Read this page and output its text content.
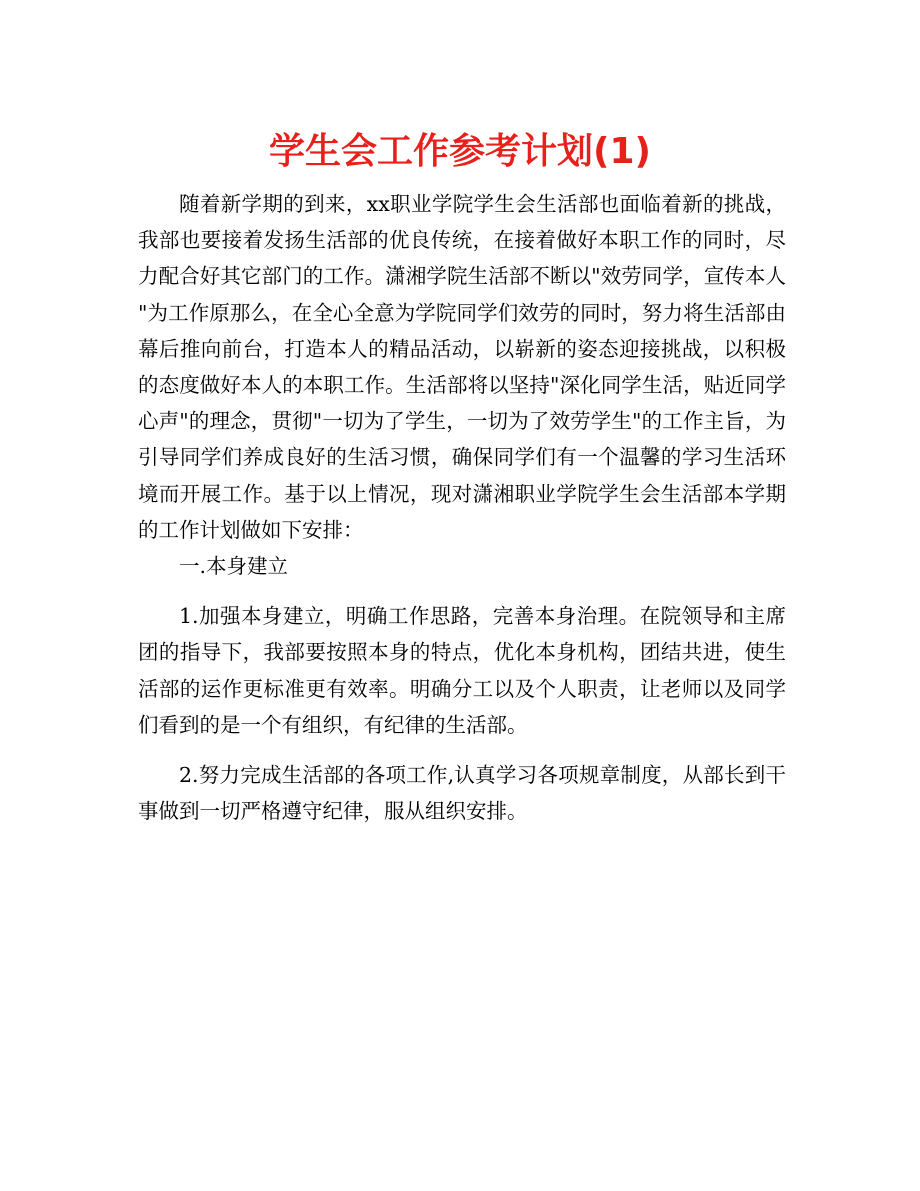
学生会工作参考计划(1)

随着新学期的到来，xx职业学院学生会生活部也面临着新的挑战，我部也要接着发扬生活部的优良传统，在接着做好本职工作的同时，尽力配合好其它部门的工作。潇湘学院生活部不断以"效劳同学，宣传本人"为工作原那么，在全心全意为学院同学们效劳的同时，努力将生活部由幕后推向前台，打造本人的精品活动，以崭新的姿态迎接挑战，以积极的态度做好本人的本职工作。生活部将以坚持"深化同学生活，贴近同学心声"的理念，贯彻"一切为了学生，一切为了效劳学生"的工作主旨，为引导同学们养成良好的生活习惯，确保同学们有一个温馨的学习生活环境而开展工作。基于以上情况，现对潇湘职业学院学生会生活部本学期的工作计划做如下安排：

一.本身建立

1.加强本身建立，明确工作思路，完善本身治理。在院领导和主席团的指导下，我部要按照本身的特点，优化本身机构，团结共进，使生活部的运作更标准更有效率。明确分工以及个人职责，让老师以及同学们看到的是一个有组织，有纪律的生活部。

2.努力完成生活部的各项工作,认真学习各项规章制度，从部长到干事做到一切严格遵守纪律，服从组织安排。
